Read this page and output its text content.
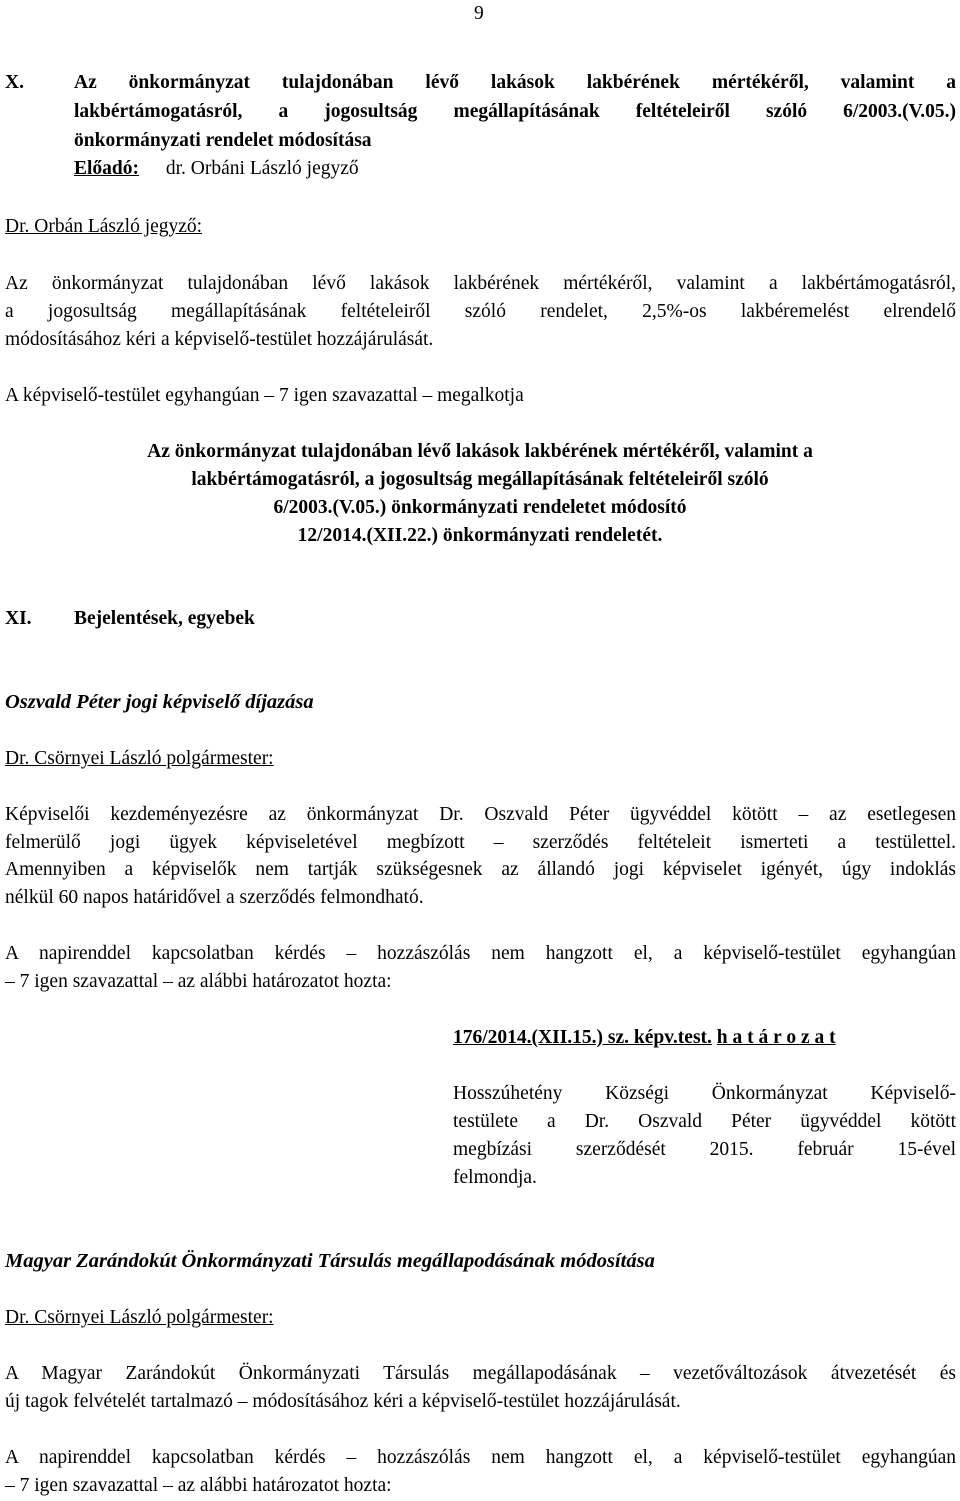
9
X.	Az önkormányzat tulajdonában lévő lakások lakbérének mértékéről, valamint a
lakbértámogatásról, a jogosultság megállapításának feltételeiről szóló 6/2003.(V.05.)
önkormányzati rendelet módosítása
Előadó: dr. Orbáni László jegyző
Dr. Orbán László jegyző:
Az önkormányzat tulajdonában lévő lakások lakbérének mértékéről, valamint a lakbértámogatásról,
a jogosultság megállapításának feltételeiről szóló rendelet, 2,5%-os lakbéremelést elrendelő
módosításához kéri a képviselő-testület hozzájárulását.
A képviselő-testület egyhangúan – 7 igen szavazattal – megalkotja
Az önkormányzat tulajdonában lévő lakások lakbérének mértékéről, valamint a
lakbértámogatásról, a jogosultság megállapításának feltételeiről szóló
6/2003.(V.05.) önkormányzati rendeletet módosító
12/2014.(XII.22.) önkormányzati rendeletét.
XI. Bejelentések, egyebek
Oszvald Péter jogi képviselő díjazása
Dr. Csörnyei László polgármester:
Képviselői kezdeményezésre az önkormányzat Dr. Oszvald Péter ügyvéddel kötött – az esetlegesen
felmerülő jogi ügyek képviseletével megbízott – szerződés feltételeit ismerteti a testülettel.
Amennyiben a képviselők nem tartják szükségesnek az állandó jogi képviselet igényét, úgy indoklás
nélkül 60 napos határidővel a szerződés felmondható.
A napirenddel kapcsolatban kérdés – hozzászólás nem hangzott el, a képviselő-testület egyhangúan
– 7 igen szavazattal – az alábbi határozatot hozta:
176/2014.(XII.15.) sz. képv.test. h a t á r o z a t
Hosszúhetény Községi Önkormányzat Képviselő-
testülete a Dr. Oszvald Péter ügyvéddel kötött
megbízási szerződését 2015. február 15-ével
felmondja.
Magyar Zarándokút Önkormányzati Társulás megállapodásának módosítása
Dr. Csörnyei László polgármester:
A Magyar Zarándokút Önkormányzati Társulás megállapodásának – vezetőváltozások átvezetését és
új tagok felvételét tartalmazó – módosításához kéri a képviselő-testület hozzájárulását.
A napirenddel kapcsolatban kérdés – hozzászólás nem hangzott el, a képviselő-testület egyhangúan
– 7 igen szavazattal – az alábbi határozatot hozta:
